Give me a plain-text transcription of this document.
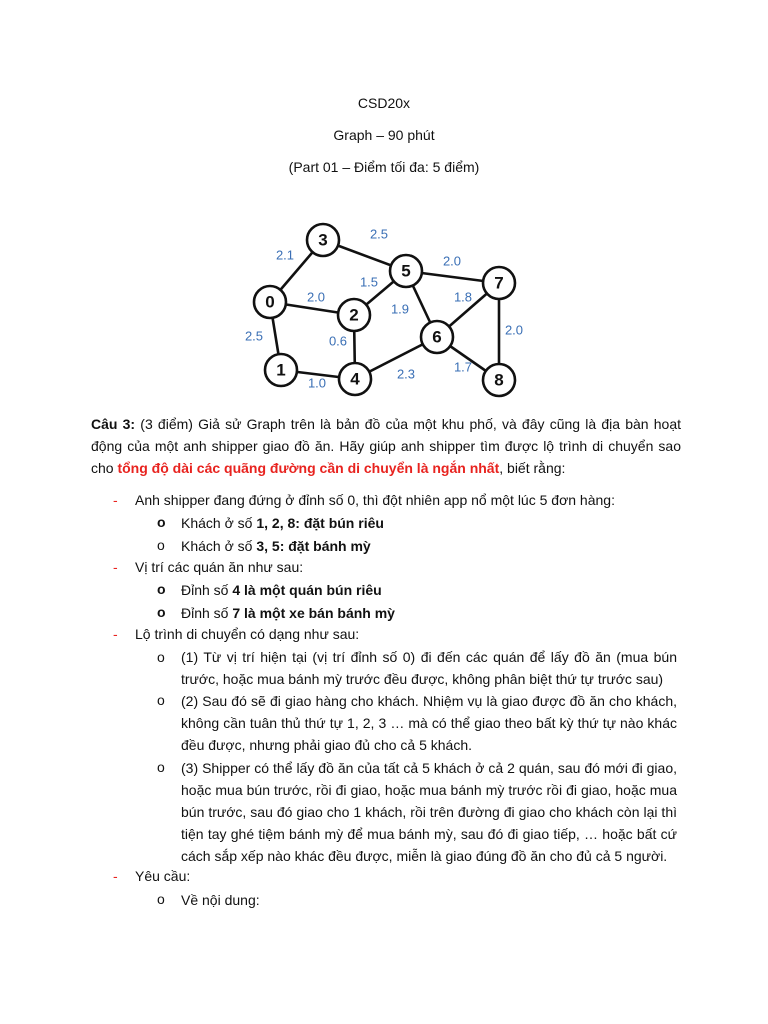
CSD20x
Graph – 90 phút
(Part 01 – Điểm tối đa: 5 điểm)
2.1
2.0
2.5
1.0
0.6
1.5
2.5
2.0
1.9
1.8
2.0
1.7
2.3
0
1
2
3
4
5
6
7
8
Câu 3: (3 điểm) Giả sử Graph trên là bản đồ của một khu phố, và đây cũng là địa bàn hoạt động của một anh shipper giao đồ ăn. Hãy giúp anh shipper tìm được lộ trình di chuyển sao cho tổng độ dài các quãng đường cần di chuyển là ngắn nhất, biết rằng:
- Anh shipper đang đứng ở đỉnh số 0, thì đột nhiên app nổ một lúc 5 đơn hàng:
o Khách ở số 1, 2, 8: đặt bún riêu
o Khách ở số 3, 5: đặt bánh mỳ
- Vị trí các quán ăn như sau:
o Đỉnh số 4 là một quán bún riêu
o Đỉnh số 7 là một xe bán bánh mỳ
- Lộ trình di chuyển có dạng như sau:
o (1) Từ vị trí hiện tại (vị trí đỉnh số 0) đi đến các quán để lấy đồ ăn (mua bún trước, hoặc mua bánh mỳ trước đều được, không phân biệt thứ tự trước sau)
o (2) Sau đó sẽ đi giao hàng cho khách. Nhiệm vụ là giao được đồ ăn cho khách, không cần tuân thủ thứ tự 1, 2, 3 … mà có thể giao theo bất kỳ thứ tự nào khác đều được, nhưng phải giao đủ cho cả 5 khách.
o (3) Shipper có thể lấy đồ ăn của tất cả 5 khách ở cả 2 quán, sau đó mới đi giao, hoặc mua bún trước, rồi đi giao, hoặc mua bánh mỳ trước rồi đi giao, hoặc mua bún trước, sau đó giao cho 1 khách, rồi trên đường đi giao cho khách còn lại thì tiện tay ghé tiệm bánh mỳ để mua bánh mỳ, sau đó đi giao tiếp, … hoặc bất cứ cách sắp xếp nào khác đều được, miễn là giao đúng đồ ăn cho đủ cả 5 người.
- Yêu cầu:
o Về nội dung:
